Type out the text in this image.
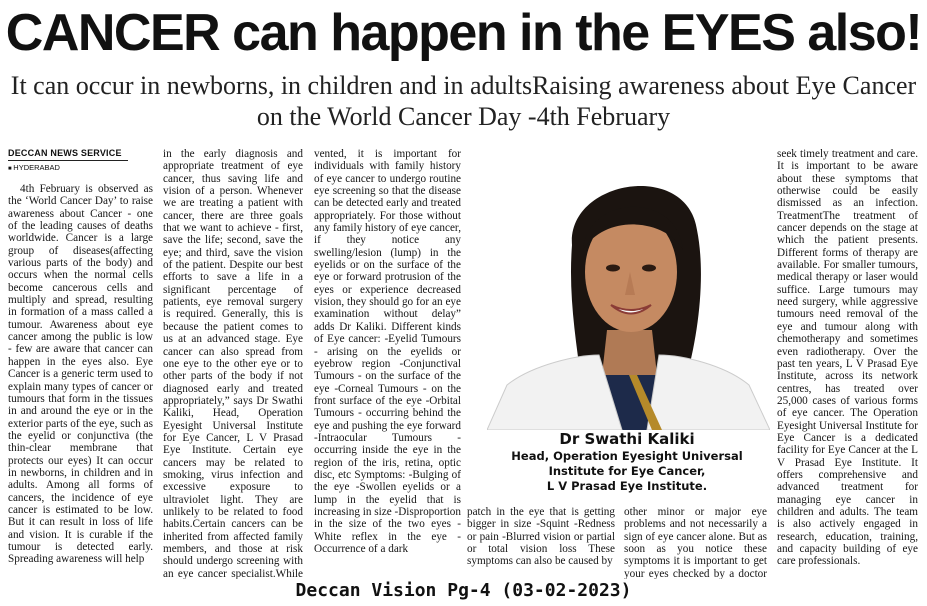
CANCER can happen in the EYES also!
It can occur in newborns, in children and in adultsRaising awareness about Eye Cancer
on the World Cancer Day -4th February
DECCAN NEWS SERVICE
■ HYDERABAD

4th February is observed as the ‘World Cancer Day’ to raise awareness about Cancer - one of the leading causes of deaths worldwide. Cancer is a large group of diseases(affecting various parts of the body) and occurs when the normal cells become cancerous cells and multiply and spread, resulting in formation of a mass called a tumour. Awareness about eye cancer among the public is low - few are aware that cancer can happen in the eyes also. Eye Cancer is a generic term used to explain many types of cancer or tumours that form in the tissues in and around the eye or in the exterior parts of the eye, such as the eyelid or conjunctiva (the thin-clear membrane that protects our eyes) It can occur in newborns, in children and in adults. Among all forms of cancers, the incidence of eye cancer is estimated to be low. But it can result in loss of life and vision. It is curable if the tumour is detected early. Spreading awareness will help

in the early diagnosis and appropriate treatment of eye cancer, thus saving life and vision of a person. Whenever we are treating a patient with cancer, there are three goals that we want to achieve - first, save the life; second, save the eye; and third, save the vision of the patient. Despite our best efforts to save a life in a significant percentage of patients, eye removal surgery is required. Generally, this is because the patient comes to us at an advanced stage. Eye cancer can also spread from one eye to the other eye or to other parts of the body if not diagnosed early and treated appropriately,” says Dr Swathi Kaliki, Head, Operation Eyesight Universal Institute for Eye Cancer, L V Prasad Eye Institute. Certain eye cancers may be related to smoking, virus infection and excessive exposure to ultraviolet light. They are unlikely to be related to food habits.Certain cancers can be inherited from affected family members, and those at risk should undergo screening with an eye cancer specialist.While

vented, it is important for individuals with family history of eye cancer to undergo routine eye screening so that the disease can be detected early and treated appropriately. For those without any family history of eye cancer, if they notice any swelling/lesion (lump) in the eyelids or on the surface of the eye or forward protrusion of the eyes or experience decreased vision, they should go for an eye examination without delay” adds Dr Kaliki. Different kinds of Eye cancer: -Eyelid Tumours - arising on the eyelids or eyebrow region -Conjunctival Tumours - on the surface of the eye -Corneal Tumours - on the front surface of the eye -Orbital Tumours - occurring behind the eye and pushing the eye forward -Intraocular Tumours - occurring inside the eye in the region of the iris, retina, optic disc, etc Symptoms: -Bulging of the eye -Swollen eyelids or a lump in the eyelid that is increasing in size -Disproportion in the size of the two eyes -White reflex in the eye -Occurrence of a dark

Dr Swathi Kaliki
Head, Operation Eyesight Universal
Institute for Eye Cancer,
L V Prasad Eye Institute.

patch in the eye that is getting bigger in size -Squint -Redness or pain -Blurred vision or partial or total vision loss These symptoms can also be caused by

other minor or major eye problems and not necessarily a sign of eye cancer alone. But as soon as you notice these symptoms it is important to get your eyes checked by a doctor

seek timely treatment and care. It is important to be aware about these symptoms that otherwise could be easily dismissed as an infection. TreatmentThe treatment of cancer depends on the stage at which the patient presents. Different forms of therapy are available. For smaller tumours, medical therapy or laser would suffice. Large tumours may need surgery, while aggressive tumours need removal of the eye and tumour along with chemotherapy and sometimes even radiotherapy. Over the past ten years, L V Prasad Eye Institute, across its network centres, has treated over 25,000 cases of various forms of eye cancer. The Operation Eyesight Universal Institute for Eye Cancer is a dedicated facility for Eye Cancer at the L V Prasad Eye Institute. It offers comprehensive and advanced treatment for managing eye cancer in children and adults. The team is also actively engaged in research, education, training, and capacity building of eye care professionals.

Deccan Vision Pg-4 (03-02-2023)
